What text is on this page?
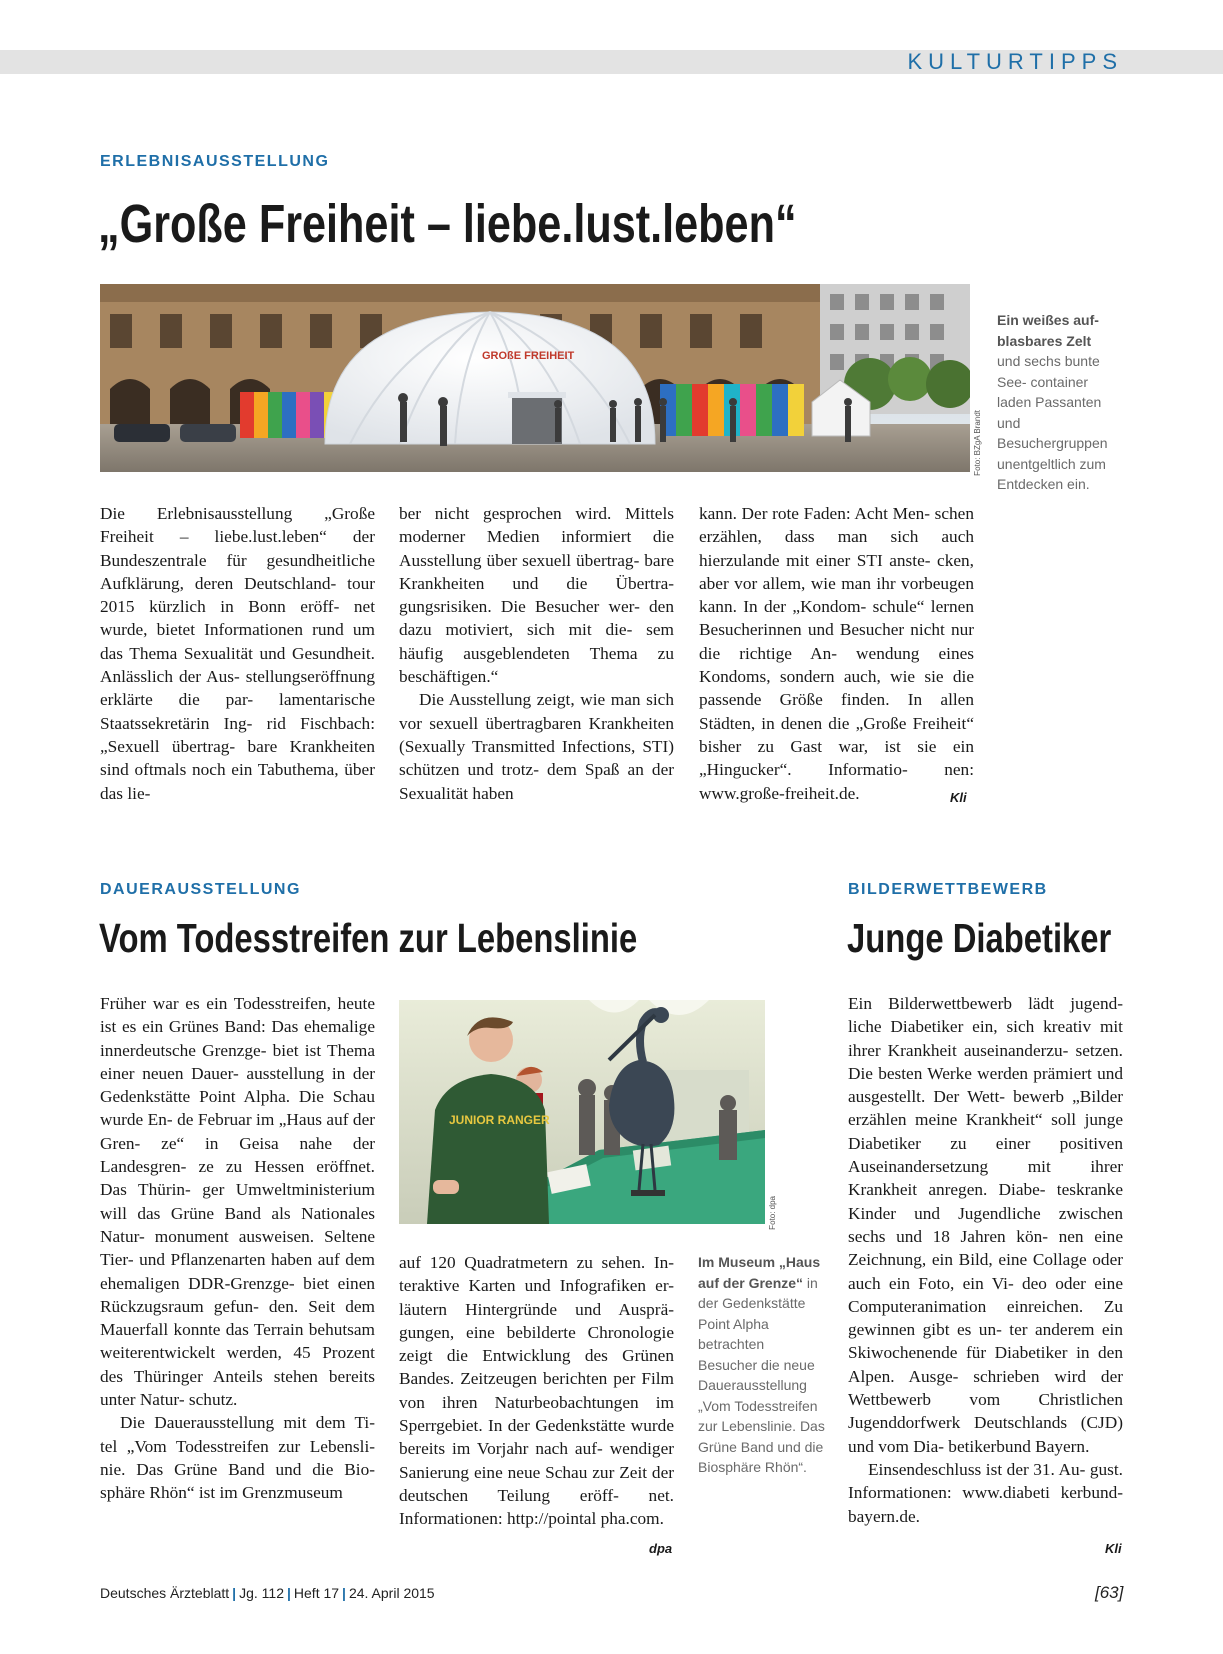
KULTURTIPPS
ERLEBNISAUSSTELLUNG
„Große Freiheit – liebe.lust.leben“
GROßE FREIHEIT
Foto: BZgA Brandt
Ein weißes auf- blasbares Zelt und sechs bunte See- container laden Passanten und Besuchergruppen unentgeltlich zum Entdecken ein.

Die Erlebnisausstellung „Große Freiheit – liebe.lust.leben“ der Bundeszentrale für gesundheitliche Aufklärung, deren Deutschland- tour 2015 kürzlich in Bonn eröff- net wurde, bietet Informationen rund um das Thema Sexualität und Gesundheit. Anlässlich der Aus- stellungseröffnung erklärte die par- lamentarische Staatssekretärin Ing- rid Fischbach: „Sexuell übertrag- bare Krankheiten sind oftmals noch ein Tabuthema, über das lie-

ber nicht gesprochen wird. Mittels moderner Medien informiert die Ausstellung über sexuell übertrag- bare Krankheiten und die Übertra- gungsrisiken. Die Besucher wer- den dazu motiviert, sich mit die- sem häufig ausgeblendeten Thema zu beschäftigen.“

Die Ausstellung zeigt, wie man sich vor sexuell übertragbaren Krankheiten (Sexually Transmitted Infections, STI) schützen und trotz- dem Spaß an der Sexualität haben

kann. Der rote Faden: Acht Men- schen erzählen, dass man sich auch hierzulande mit einer STI anste- cken, aber vor allem, wie man ihr vorbeugen kann. In der „Kondom- schule“ lernen Besucherinnen und Besucher nicht nur die richtige An- wendung eines Kondoms, sondern auch, wie sie die passende Größe finden. In allen Städten, in denen die „Große Freiheit“ bisher zu Gast war, ist sie ein „Hingucker“. Informatio- nen: www.große-freiheit.de.	Kli
DAUERAUSSTELLUNG
Vom Todesstreifen zur Lebenslinie

Früher war es ein Todesstreifen, heute ist es ein Grünes Band: Das ehemalige innerdeutsche Grenzge- biet ist Thema einer neuen Dauer- ausstellung in der Gedenkstätte Point Alpha. Die Schau wurde En- de Februar im „Haus auf der Gren- ze“ in Geisa nahe der Landesgren- ze zu Hessen eröffnet. Das Thürin- ger Umweltministerium will das Grüne Band als Nationales Natur- monument ausweisen. Seltene Tier- und Pflanzenarten haben auf dem ehemaligen DDR-Grenzge- biet einen Rückzugsraum gefun- den. Seit dem Mauerfall konnte das Terrain behutsam weiterentwickelt werden, 45 Prozent des Thüringer Anteils stehen bereits unter Natur- schutz.

Die Dauerausstellung mit dem Ti- tel „Vom Todesstreifen zur Lebensli- nie. Das Grüne Band und die Bio- sphäre Rhön“ ist im Grenzmuseum

JUNIOR RANGER
Foto: dpa

auf 120 Quadratmetern zu sehen. In- teraktive Karten und Infografiken er- läutern Hintergründe und Ausprä- gungen, eine bebilderte Chronologie zeigt die Entwicklung des Grünen Bandes. Zeitzeugen berichten per Film von ihren Naturbeobachtungen im Sperrgebiet. In der Gedenkstätte wurde bereits im Vorjahr nach auf- wendiger Sanierung eine neue Schau zur Zeit der deutschen Teilung eröff- net. Informationen: http://pointal pha.com.

dpa
Im Museum „Haus auf der Grenze“ in der Gedenkstätte Point Alpha betrachten Besucher die neue Dauerausstellung „Vom Todesstreifen zur Lebenslinie. Das Grüne Band und die Biosphäre Rhön“.
BILDERWETTBEWERB
Junge Diabetiker

Ein Bilderwettbewerb lädt jugend- liche Diabetiker ein, sich kreativ mit ihrer Krankheit auseinanderzu- setzen. Die besten Werke werden prämiert und ausgestellt. Der Wett- bewerb „Bilder erzählen meine Krankheit“ soll junge Diabetiker zu einer positiven Auseinandersetzung mit ihrer Krankheit anregen. Diabe- teskranke Kinder und Jugendliche zwischen sechs und 18 Jahren kön- nen eine Zeichnung, ein Bild, eine Collage oder auch ein Foto, ein Vi- deo oder eine Computeranimation einreichen. Zu gewinnen gibt es un- ter anderem ein Skiwochenende für Diabetiker in den Alpen. Ausge- schrieben wird der Wettbewerb vom Christlichen Jugenddorfwerk Deutschlands (CJD) und vom Dia- betikerbund Bayern.

Einsendeschluss ist der 31. Au- gust. Informationen: www.diabeti kerbund-bayern.de.

Kli
Deutsches Ärzteblatt | Jg. 112 | Heft 17 | 24. April 2015	[63]
